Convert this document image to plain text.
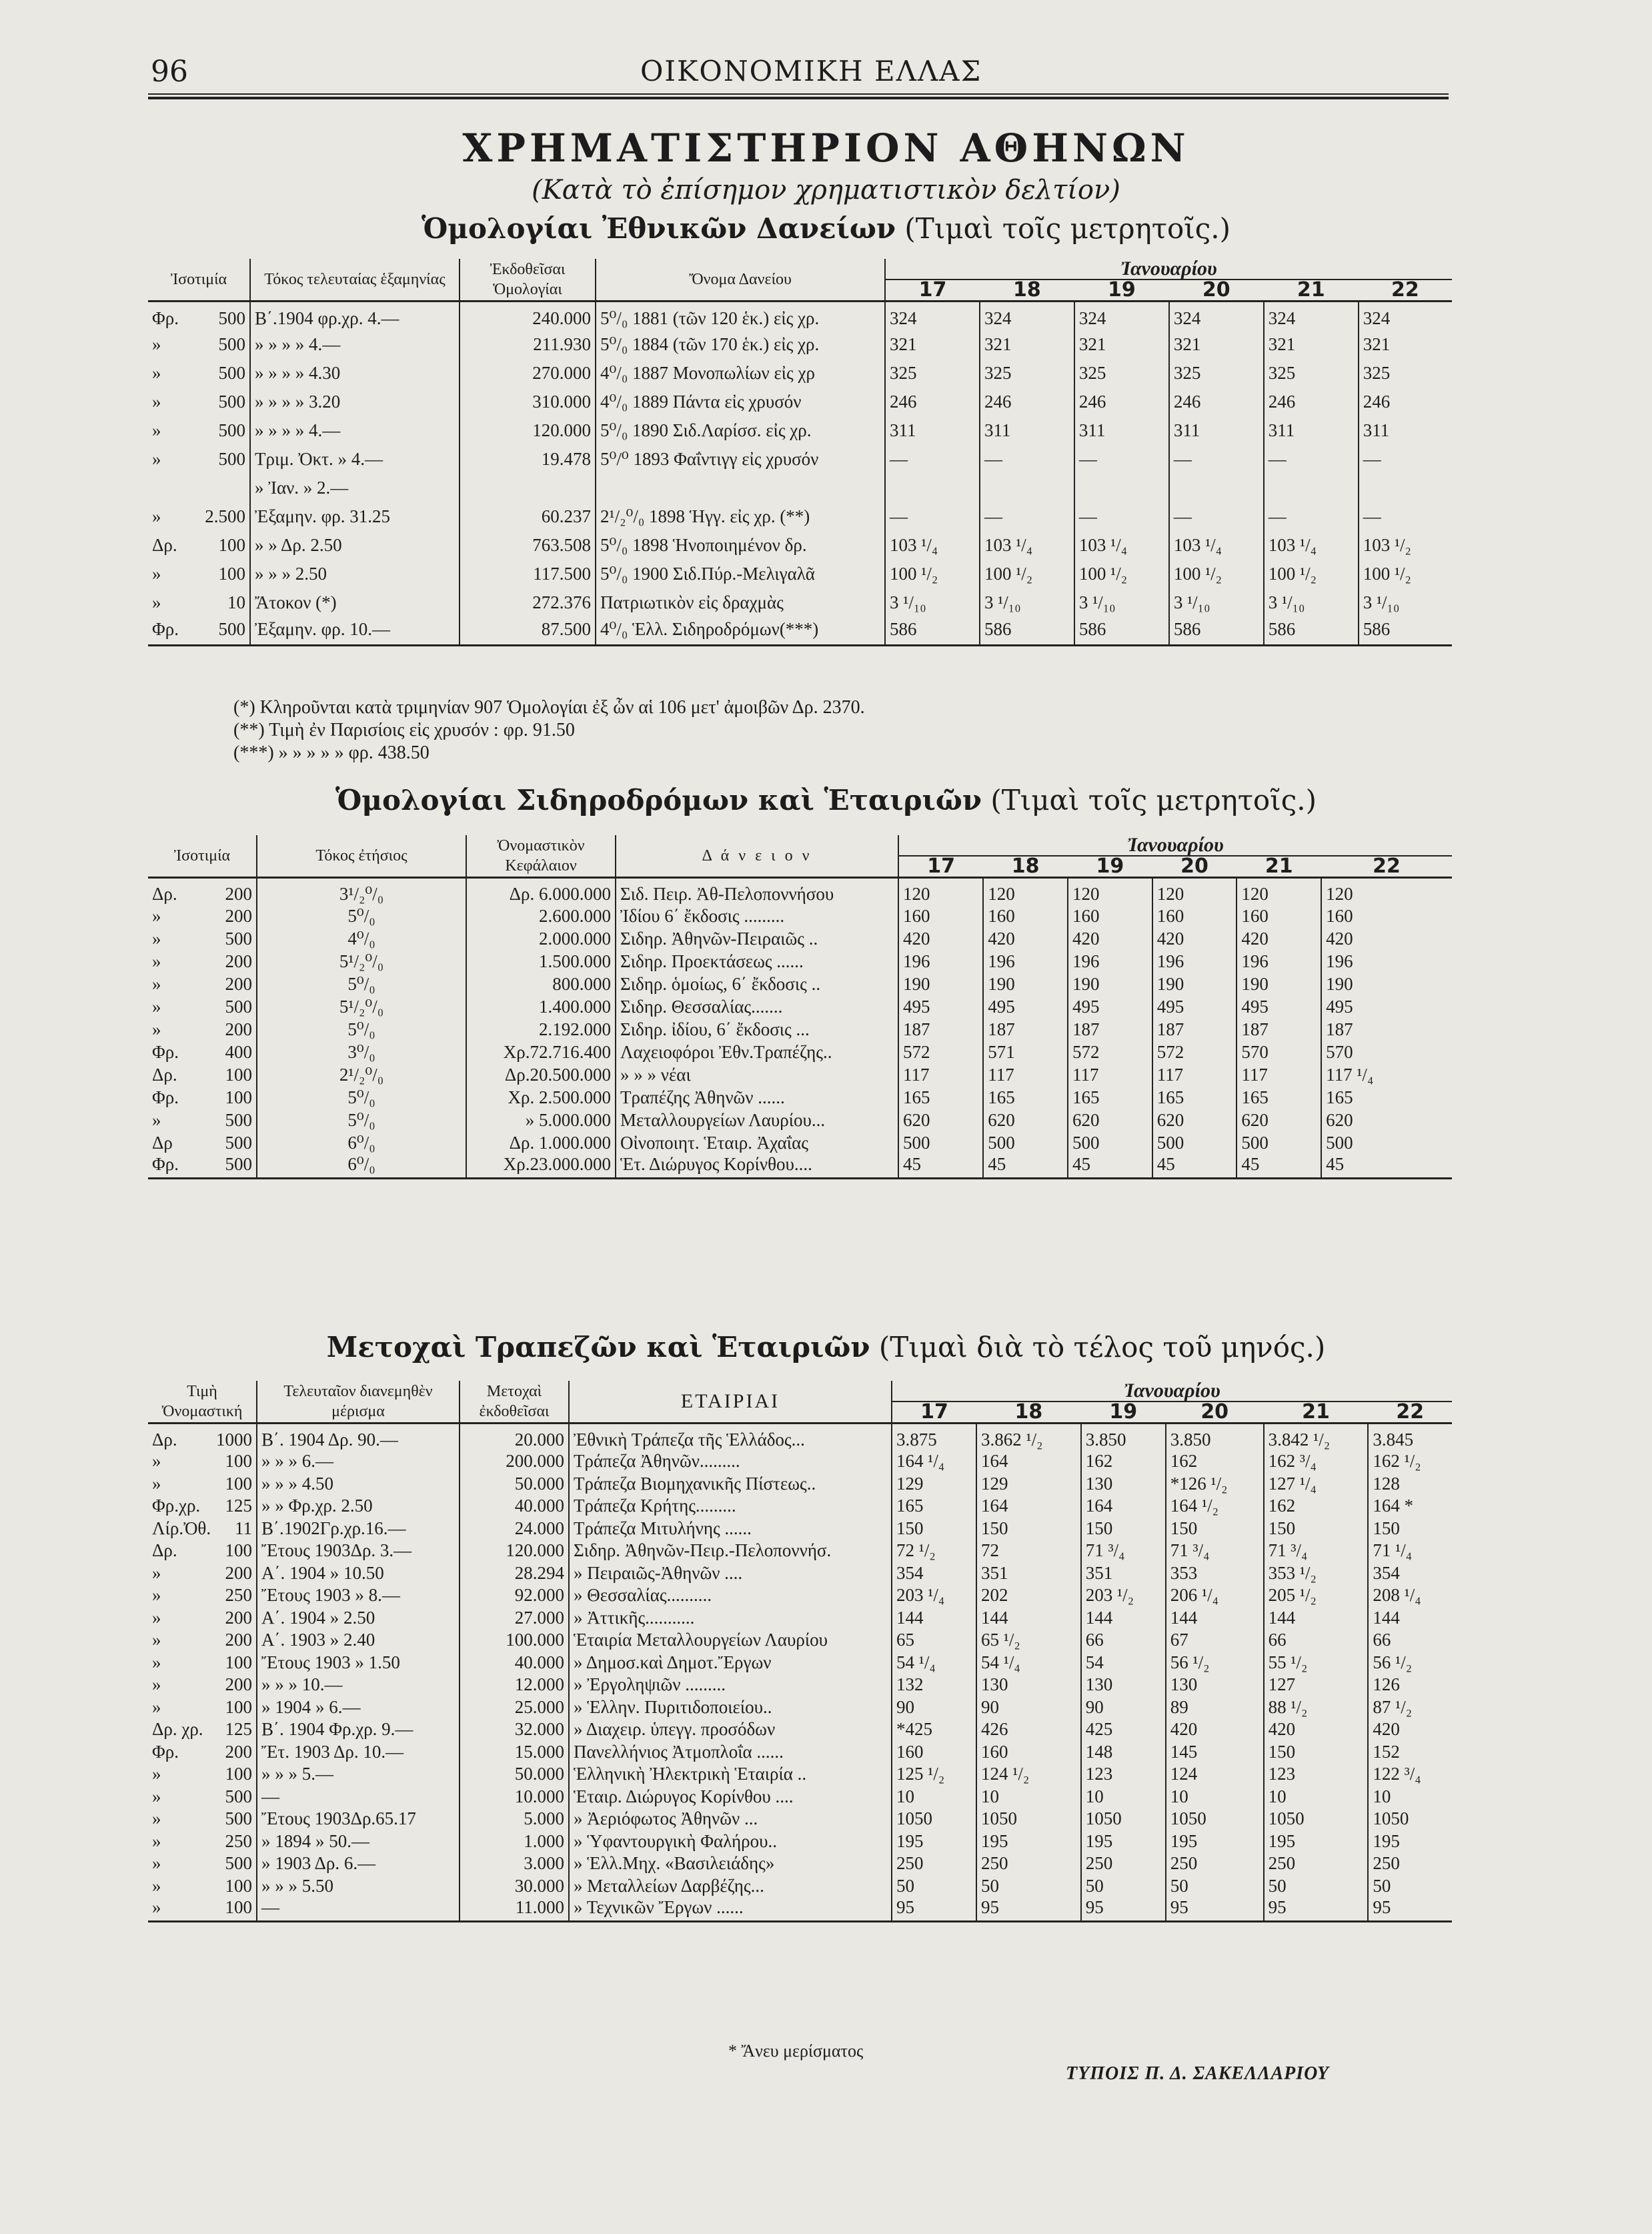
96	ΟΙΚΟΝΟΜΙΚΗ ΕΛΛΑΣ
ΧΡΗΜΑΤΙΣΤΗΡΙΟΝ ΑΘΗΝΩΝ
(Κατὰ τὸ ἐπίσημον χρηματιστικὸν δελτίον)
Ὁμολογίαι Ἐθνικῶν Δανείων (Τιμαὶ τοῖς μετρητοῖς.)
Ἰσοτιμία	Τόκος τελευταίας ἑξαμηνίας	Ἐκδοθεῖσαι Ὁμολογίαι	Ὄνομα Δανείου	Ἰανουαρίου					
				17	18	19	20	21	22

Φρ. 500	Β΄.1904 φρ.χρ. 4.—	240.000	5⁰/₀ 1881 (τῶν 120 ἑκ.) εἰς χρ.	324	324	324	324	324	324

» 500	» » » » 4.—	211.930	5⁰/₀ 1884 (τῶν 170 ἑκ.) εἰς χρ.	321	321	321	321	321	321

» 500	» » » » 4.30	270.000	4⁰/₀ 1887 Μονοπωλίων εἰς χρ	325	325	325	325	325	325

» 500	» » » » 3.20	310.000	4⁰/₀ 1889 Πάντα εἰς χρυσόν	246	246	246	246	246	246

» 500	» » » » 4.—	120.000	5⁰/₀ 1890 Σιδ.Λαρίσσ. εἰς χρ.	311	311	311	311	311	311

» 500	Τριμ. Ὀκτ. » 4.—	19.478	5⁰/⁰ 1893 Φαΐντιγγ εἰς χρυσόν	—	—	—	—	—	—

	» Ἰαν. » 2.—								

» 2.500	Ἐξαμην. φρ. 31.25	60.237	2¹/₂⁰/₀ 1898 Ἡγγ. εἰς χρ. (**)	—	—	—	—	—	—

Δρ. 100	» » Δρ. 2.50	763.508	5⁰/₀ 1898 Ἡνοποιημένον δρ.	103 ¹/₄	103 ¹/₄	103 ¹/₄	103 ¹/₄	103 ¹/₄	103 ¹/₂

» 100	» » » 2.50	117.500	5⁰/₀ 1900 Σιδ.Πύρ.-Μελιγαλᾶ	100 ¹/₂	100 ¹/₂	100 ¹/₂	100 ¹/₂	100 ¹/₂	100 ¹/₂

» 10	Ἄτοκον (*)	272.376	Πατριωτικὸν εἰς δραχμὰς	3 ¹/₁₀	3 ¹/₁₀	3 ¹/₁₀	3 ¹/₁₀	3 ¹/₁₀	3 ¹/₁₀

Φρ. 500	Ἐξαμην. φρ. 10.—	87.500	4⁰/₀ Ἑλλ. Σιδηροδρόμων(***)	586	586	586	586	586	586
(*) Κληροῦνται κατὰ τριμηνίαν 907 Ὁμολογίαι ἐξ ὧν αἱ 106 μετ' ἀμοιβῶν Δρ. 2370.
(**) Τιμὴ ἐν Παρισίοις εἰς χρυσόν : φρ. 91.50
(***) » » » » » φρ. 438.50
Ὁμολογίαι Σιδηροδρόμων καὶ Ἑταιριῶν (Τιμαὶ τοῖς μετρητοῖς.)
Ἰσοτιμία	Τόκος ἐτήσιος	Ὀνομαστικὸν Κεφάλαιον	Δ ά ν ε ι ο ν	Ἰανουαρίου					
				17	18	19	20	21	22

Δρ. 200	3¹/₂⁰/₀	Δρ. 6.000.000	Σιδ. Πειρ. Ἀθ-Πελοποννήσου	120	120	120	120	120	120

» 200	5⁰/₀	2.600.000	Ἰδίου 6΄ ἔκδοσις .........	160	160	160	160	160	160

» 500	4⁰/₀	2.000.000	Σιδηρ. Ἀθηνῶν-Πειραιῶς ..	420	420	420	420	420	420

» 200	5¹/₂⁰/₀	1.500.000	Σιδηρ. Προεκτάσεως ......	196	196	196	196	196	196

» 200	5⁰/₀	800.000	Σιδηρ. ὁμοίως, 6΄ ἔκδοσις ..	190	190	190	190	190	190

» 500	5¹/₂⁰/₀	1.400.000	Σιδηρ. Θεσσαλίας.......	495	495	495	495	495	495

» 200	5⁰/₀	2.192.000	Σιδηρ. ἰδίου, 6΄ ἔκδοσις ...	187	187	187	187	187	187

Φρ. 400	3⁰/₀	Χρ.72.716.400	Λαχειοφόροι Ἐθν.Τραπέζης..	572	571	572	572	570	570

Δρ. 100	2¹/₂⁰/₀	Δρ.20.500.000	» » » νέαι	117	117	117	117	117	117 ¹/₄

Φρ. 100	5⁰/₀	Χρ. 2.500.000	Τραπέζης Ἀθηνῶν ......	165	165	165	165	165	165

» 500	5⁰/₀	» 5.000.000	Μεταλλουργείων Λαυρίου...	620	620	620	620	620	620

Δρ 500	6⁰/₀	Δρ. 1.000.000	Οἰνοποιητ. Ἑταιρ. Ἀχαΐας	500	500	500	500	500	500

Φρ. 500	6⁰/₀	Χρ.23.000.000	Ἑτ. Διώρυγος Κορίνθου....	45	45	45	45	45	45
Μετοχαὶ Τραπεζῶν καὶ Ἑταιριῶν (Τιμαὶ διὰ τὸ τέλος τοῦ μηνός.)
Τιμὴ Ὀνομαστική	Τελευταῖον διανεμηθὲν μέρισμα	Μετοχαὶ ἐκδοθεῖσαι	ΕΤΑΙΡΙΑΙ	Ἰανουαρίου					
				17	18	19	20	21	22

Δρ. 1000	Β΄. 1904 Δρ. 90.—	20.000	Ἐθνικὴ Τράπεζα τῆς Ἑλλάδος...	3.875	3.862 ¹/₂	3.850	3.850	3.842 ¹/₂	3.845

» 100	» » » 6.—	200.000	Τράπεζα Ἀθηνῶν.........	164 ¹/₄	164	162	162	162 ³/₄	162 ¹/₂

» 100	» » » 4.50	50.000	Τράπεζα Βιομηχανικῆς Πίστεως..	129	129	130	*126 ¹/₂	127 ¹/₄	128

Φρ.χρ. 125	» » Φρ.χρ. 2.50	40.000	Τράπεζα Κρήτης.........	165	164	164	164 ¹/₂	162	164 *

Λίρ.Ὀθ. 11	Β΄.1902Γρ.χρ.16.—	24.000	Τράπεζα Μιτυλήνης ......	150	150	150	150	150	150

Δρ. 100	Ἔτους 1903Δρ. 3.—	120.000	Σιδηρ. Ἀθηνῶν-Πειρ.-Πελοποννήσ.	72 ¹/₂	72	71 ³/₄	71 ³/₄	71 ³/₄	71 ¹/₄

» 200	Α΄. 1904 » 10.50	28.294	» Πειραιῶς-Ἀθηνῶν ....	354	351	351	353	353 ¹/₂	354

» 250	Ἔτους 1903 » 8.—	92.000	» Θεσσαλίας..........	203 ¹/₄	202	203 ¹/₂	206 ¹/₄	205 ¹/₂	208 ¹/₄

» 200	Α΄. 1904 » 2.50	27.000	» Ἀττικῆς...........	144	144	144	144	144	144

» 200	Α΄. 1903 » 2.40	100.000	Ἑταιρία Μεταλλουργείων Λαυρίου	65	65 ¹/₂	66	67	66	66

» 100	Ἔτους 1903 » 1.50	40.000	» Δημοσ.καὶ Δημοτ.Ἔργων	54 ¹/₄	54 ¹/₄	54	56 ¹/₂	55 ¹/₂	56 ¹/₂

» 200	» » » 10.—	12.000	» Ἐργοληψιῶν .........	132	130	130	130	127	126

» 100	» 1904 » 6.—	25.000	» Ἑλλην. Πυριτιδοποιείου..	90	90	90	89	88 ¹/₂	87 ¹/₂

Δρ. χρ. 125	Β΄. 1904 Φρ.χρ. 9.—	32.000	» Διαχειρ. ὑπεγγ. προσόδων	*425	426	425	420	420	420

Φρ. 200	Ἔτ. 1903 Δρ. 10.—	15.000	Πανελλήνιος Ἀτμοπλοΐα ......	160	160	148	145	150	152

» 100	» » » 5.—	50.000	Ἑλληνικὴ Ἠλεκτρικὴ Ἑταιρία ..	125 ¹/₂	124 ¹/₂	123	124	123	122 ³/₄

» 500	—	10.000	Ἑταιρ. Διώρυγος Κορίνθου ....	10	10	10	10	10	10

» 500	Ἔτους 1903Δρ.65.17	5.000	» Ἀεριόφωτος Ἀθηνῶν ...	1050	1050	1050	1050	1050	1050

» 250	» 1894 » 50.—	1.000	» Ὑφαντουργικὴ Φαλήρου..	195	195	195	195	195	195

» 500	» 1903 Δρ. 6.—	3.000	» Ἑλλ.Μηχ. «Βασιλειάδης»	250	250	250	250	250	250

» 100	» » » 5.50	30.000	» Μεταλλείων Δαρβέζης...	50	50	50	50	50	50

» 100	—	11.000	» Τεχνικῶν Ἔργων ......	95	95	95	95	95	95
* Ἄνευ μερίσματος
ΤΥΠΟΙΣ Π. Δ. ΣΑΚΕΛΛΑΡΙΟΥ
